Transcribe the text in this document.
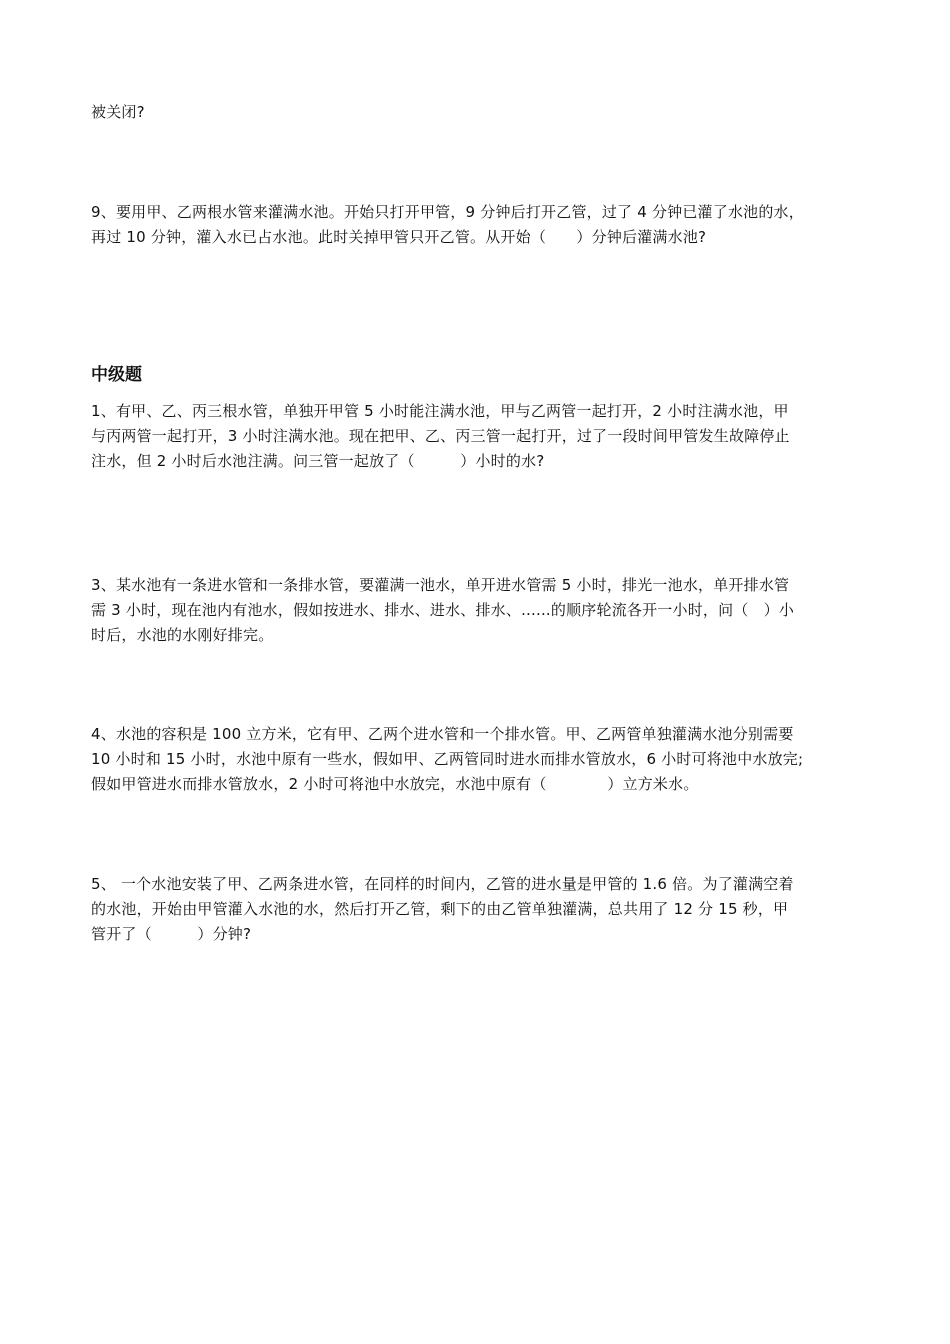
被关闭?
9、要用甲、乙两根水管来灌满水池。开始只打开甲管，9 分钟后打开乙管，过了 4 分钟已灌了水池的水，
再过 10 分钟，灌入水已占水池。此时关掉甲管只开乙管。从开始（　　）分钟后灌满水池?
中级题
1、有甲、乙、丙三根水管，单独开甲管 5 小时能注满水池，甲与乙两管一起打开，2 小时注满水池，甲
与丙两管一起打开，3 小时注满水池。现在把甲、乙、丙三管一起打开，过了一段时间甲管发生故障停止
注水，但 2 小时后水池注满。问三管一起放了（　　　）小时的水?
3、某水池有一条进水管和一条排水管，要灌满一池水，单开进水管需 5 小时，排光一池水，单开排水管
需 3 小时，现在池内有池水，假如按进水、排水、进水、排水、......的顺序轮流各开一小时，问（　）小
时后，水池的水刚好排完。
4、水池的容积是 100 立方米，它有甲、乙两个进水管和一个排水管。甲、乙两管单独灌满水池分别需要
10 小时和 15 小时，水池中原有一些水，假如甲、乙两管同时进水而排水管放水，6 小时可将池中水放完;
假如甲管进水而排水管放水，2 小时可将池中水放完，水池中原有（　　　　）立方米水。
5、 一个水池安装了甲、乙两条进水管，在同样的时间内，乙管的进水量是甲管的 1.6 倍。为了灌满空着
的水池，开始由甲管灌入水池的水，然后打开乙管，剩下的由乙管单独灌满，总共用了 12 分 15 秒，甲
管开了（　　　）分钟?
